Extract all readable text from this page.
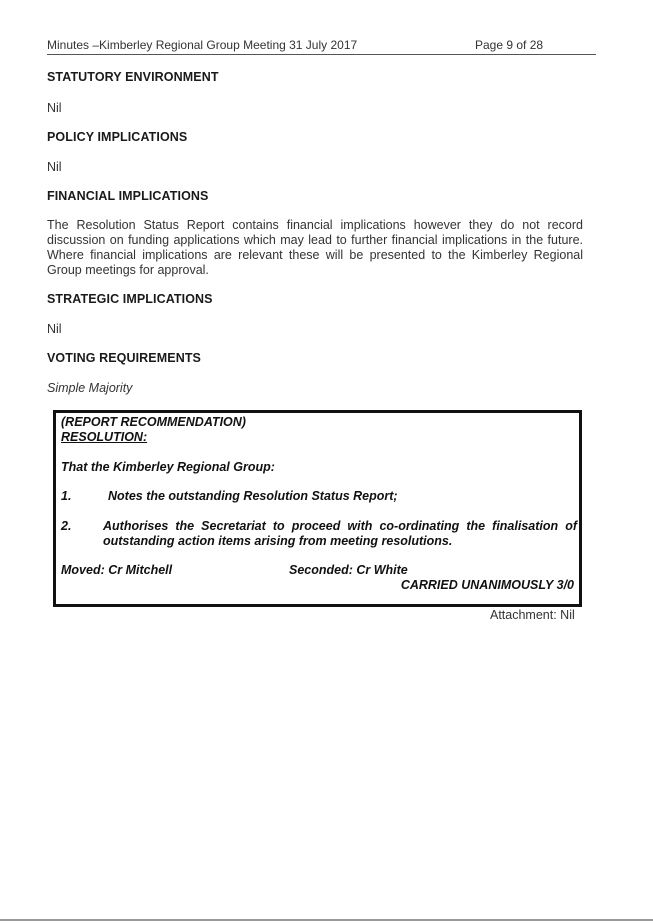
Minutes –Kimberley Regional Group Meeting 31 July 2017	Page 9 of 28
STATUTORY ENVIRONMENT
Nil
POLICY IMPLICATIONS
Nil
FINANCIAL IMPLICATIONS
The Resolution Status Report contains financial implications however they do not record discussion on funding applications which may lead to further financial implications in the future. Where financial implications are relevant these will be presented to the Kimberley Regional Group meetings for approval.
STRATEGIC IMPLICATIONS
Nil
VOTING REQUIREMENTS
Simple Majority
(REPORT RECOMMENDATION)
RESOLUTION:
That the Kimberley Regional Group:
1.	Notes the outstanding Resolution Status Report;
2.	Authorises the Secretariat to proceed with co-ordinating the finalisation of outstanding action items arising from meeting resolutions.
Moved: Cr Mitchell	Seconded: Cr White
CARRIED UNANIMOUSLY 3/0
Attachment: Nil
